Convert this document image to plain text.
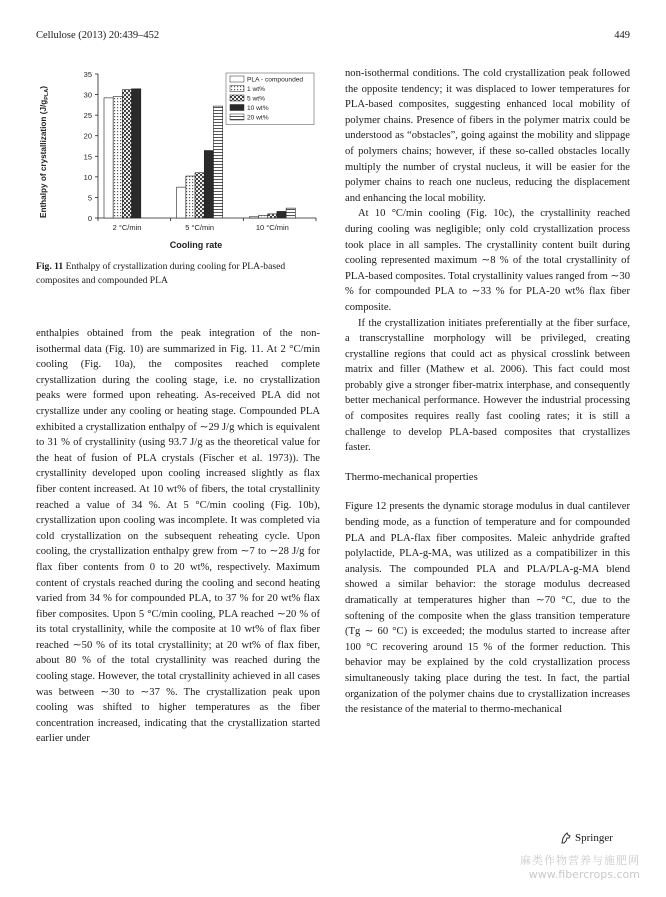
Cellulose (2013) 20:439–452	449
0
5
10
15
20
25
30
35
2 °C/min	5 °C/min	10 °C/min
PLA - compounded
1 wt%
5 wt%
10 wt%
20 wt%
Enthalpy of crystallization $(J/g_{PLA})$
Cooling rate
Fig. 11 Enthalpy of crystallization during cooling for PLA-based composites and compounded PLA

enthalpies obtained from the peak integration of the non-isothermal data (Fig. 10) are summarized in Fig. 11. At 2 °C/min cooling (Fig. 10a), the composites reached complete crystallization during the cooling stage, i.e. no crystallization peaks were formed upon reheating. As-received PLA did not crystallize under any cooling or heating stage. Compounded PLA exhibited a crystallization enthalpy of ∼29 J/g which is equivalent to 31 % of crystallinity (using 93.7 J/g as the theoretical value for the heat of fusion of PLA crystals (Fischer et al. 1973)). The crystallinity developed upon cooling increased slightly as flax fiber content increased. At 10 wt% of fibers, the total crystallinity reached a value of 34 %. At 5 °C/min cooling (Fig. 10b), crystallization upon cooling was incomplete. It was completed via cold crystallization on the subsequent reheating cycle. Upon cooling, the crystallization enthalpy grew from ∼7 to ∼28 J/g for flax fiber contents from 0 to 20 wt%, respectively. Maximum content of crystals reached during the cooling and second heating varied from 34 % for compounded PLA, to 37 % for 20 wt% flax fiber composites. Upon 5 °C/min cooling, PLA reached ∼20 % of its total crystallinity, while the composite at 10 wt% of flax fiber reached ∼50 % of its total crystallinity; at 20 wt% of flax fiber, about 80 % of the total crystallinity was reached during the cooling stage. However, the total crystallinity achieved in all cases was between ∼30 to ∼37 %. The crystallization peak upon cooling was shifted to higher temperatures as the fiber concentration increased, indicating that the crystallization started earlier under

non-isothermal conditions. The cold crystallization peak followed the opposite tendency; it was displaced to lower temperatures for PLA-based composites, suggesting enhanced local mobility of polymer chains. Presence of fibers in the polymer matrix could be understood as “obstacles”, going against the mobility and slippage of polymers chains; however, if these so-called obstacles locally multiply the number of crystal nucleus, it will be easier for the polymer chains to reach one nucleus, reducing the displacement and enhancing the local mobility.

At 10 °C/min cooling (Fig. 10c), the crystallinity reached during cooling was negligible; only cold crystallization process took place in all samples. The crystallinity content built during cooling represented maximum ∼8 % of the total crystallinity of PLA-based composites. Total crystallinity values ranged from ∼30 % for compounded PLA to ∼33 % for PLA-20 wt% flax fiber composite.

If the crystallization initiates preferentially at the fiber surface, a transcrystalline morphology will be privileged, creating crystalline regions that could act as physical crosslink between matrix and filler (Mathew et al. 2006). This fact could most probably give a stronger fiber-matrix interphase, and consequently better mechanical performance. However the industrial processing of composites requires really fast cooling rates; it is still a challenge to develop PLA-based composites that crystallizes faster.

Thermo-mechanical properties

Figure 12 presents the dynamic storage modulus in dual cantilever bending mode, as a function of temperature and for compounded PLA and PLA-flax fiber composites. Maleic anhydride grafted polylactide, PLA-g-MA, was utilized as a compatibilizer in this analysis. The compounded PLA and PLA/PLA-g-MA blend showed a similar behavior: the storage modulus decreased dramatically at temperatures higher than ∼70 °C, due to the softening of the composite when the glass transition temperature (Tg ∼ 60 °C) is exceeded; the modulus started to increase after 100 °C recovering around 15 % of the former reduction. This behavior may be explained by the cold crystallization process simultaneously taking place during the test. In fact, the partial organization of the polymer chains due to crystallization increases the resistance of the material to thermo-mechanical

Springer
麻类作物营养与施肥网
www.fibercrops.com
